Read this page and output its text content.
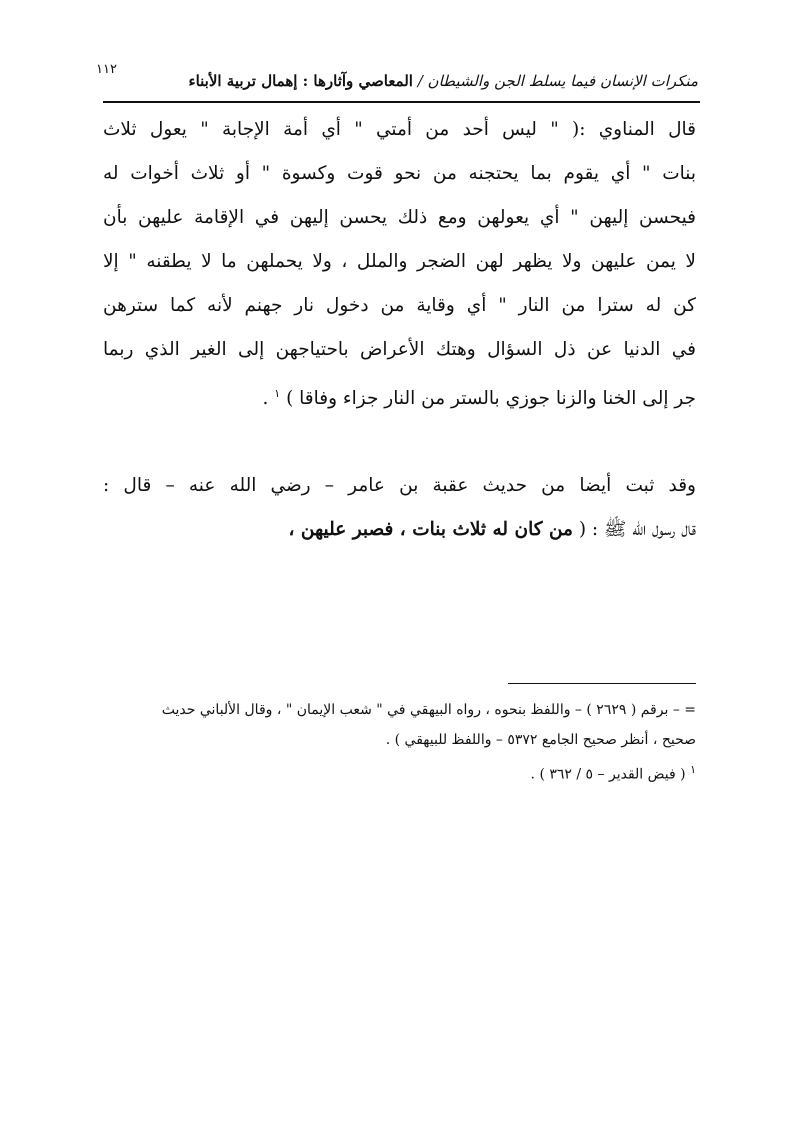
١١٢
منكرات الإنسان فيما يسلط الجن والشيطان / المعاصي وآثارها : إهمال تربية الأبناء
قال المناوي :( " ليس أحد من أمتي " أي أمة الإجابة " يعول ثلاث
بنات " أي يقوم بما يحتجنه من نحو قوت وكسوة " أو ثلاث أخوات له
فيحسن إليهن " أي يعولهن ومع ذلك يحسن إليهن في الإقامة عليهن بأن
لا يمن عليهن ولا يظهر لهن الضجر والملل ، ولا يحملهن ما لا يطقنه " إلا
كن له سترا من النار " أي وقاية من دخول نار جهنم لأنه كما سترهن
في الدنيا عن ذل السؤال وهتك الأعراض باحتياجهن إلى الغير الذي ربما
جر إلى الخنا والزنا جوزي بالستر من النار جزاء وفاقا ) $^١$ .
وقد ثبت أيضا من حديث عقبة بن عامر – رضي الله عنه – قال :
قال رسول الله ﷺ : ( من كان له ثلاث بنات ، فصبر عليهن ،
= – برقم ( ٢٦٢٩ ) – واللفظ بنحوه ، رواه البيهقي في " شعب الإيمان " ، وقال الألباني حديث
صحيح ، أنظر صحيح الجامع ٥٣٧٢ – واللفظ للبيهقي ) .
$^١$ ( فيض القدير – ٥ / ٣٦٢ ) .
